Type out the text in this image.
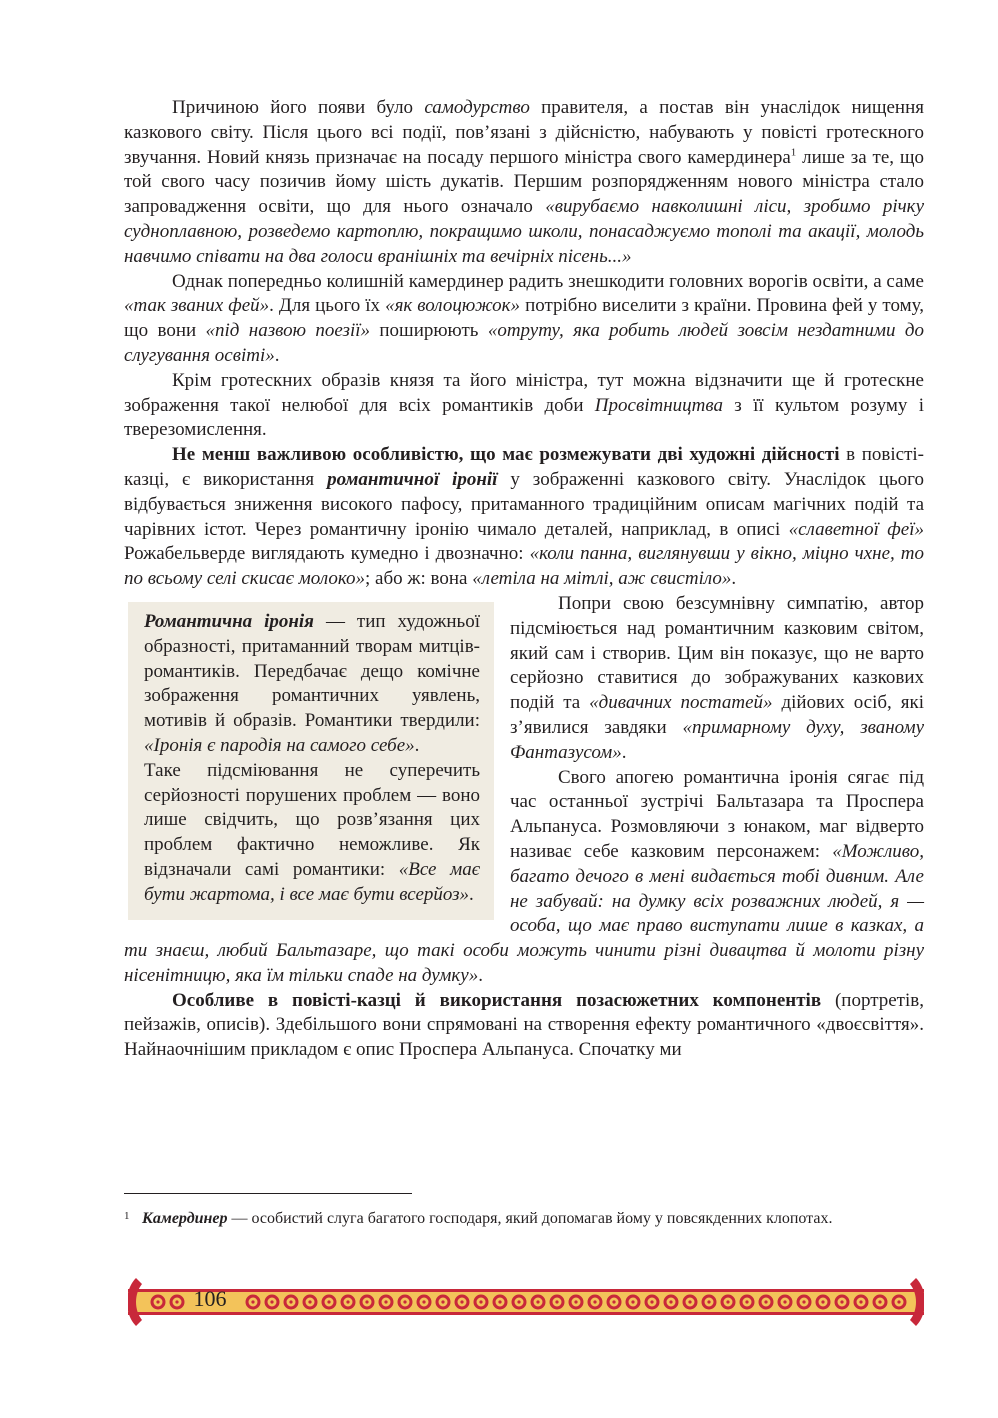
Причиною його появи було самодурство правителя, а постав він унаслідок нищення казкового світу. Після цього всі події, пов’язані з дійсністю, набувають у повісті гротескного звучання. Новий князь призначає на посаду першого міністра свого камердинера$^1$ лише за те, що той свого часу позичив йому шість дукатів. Першим розпорядженням нового міністра стало запровадження освіти, що для нього означало «вирубаємо навколишні ліси, зробимо річку судноплавною, розведемо картоплю, покращимо школи, понасаджуємо тополі та акації, молодь навчимо співати на два голоси вранішніх та вечірніх пісень...»

Однак попередньо колишній камердинер радить знешкодити головних ворогів освіти, а саме «так званих фей». Для цього їх «як волоцюжок» потрібно виселити з країни. Провина фей у тому, що вони «під назвою поезії» поширюють «отруту, яка робить людей зовсім нездатними до слугування освіті».

Крім гротескних образів князя та його міністра, тут можна відзначити ще й гротескне зображення такої нелюбої для всіх романтиків доби Просвітництва з її культом розуму і тверезомислення.

Не менш важливою особливістю, що має розмежувати дві художні дійсності в повісті-казці, є використання романтичної іронії у зображенні казкового світу. Унаслідок цього відбувається зниження високого пафосу, притаманного традиційним описам магічних подій та чарівних істот. Через романтичну іронію чимало деталей, наприклад, в описі «славетної феї» Рожабельверде виглядають кумедно і двозначно: «коли панна, виглянувши у вікно, міцно чхне, то по всьому селі скисає молоко»; або ж: вона «летіла на мітлі, аж свистіло».

Романтична іронія — тип художньої образності, притаманний творам митців-романтиків. Передбачає дещо комічне зображення романтичних уявлень, мотивів й образів. Романтики твердили: «Іронія є пародія на самого себе».

Таке підсміювання не суперечить серйозності порушених проблем — воно лише свідчить, що розв’язання цих проблем фактично неможливе. Як відзначали самі романтики: «Все має бути жартома, і все має бути всерйоз».

Попри свою безсумнівну симпатію, автор підсміюється над романтичним казковим світом, який сам і створив. Цим він показує, що не варто серйозно ставитися до зображуваних казкових подій та «дивачних постатей» дійових осіб, які з’явилися завдяки «примарному духу, званому Фантазусом».

Свого апогею романтична іронія сягає під час останньої зустрічі Бальтазара та Проспера Альпануса. Розмовляючи з юнаком, маг відверто називає себе казковим персонажем: «Можливо, багато дечого в мені видається тобі дивним. Але не забувай: на думку всіх розважних людей, я — особа, що має право виступати лише в казках, а ти знаєш, любий Бальтазаре, що такі особи можуть чинити різні дивацтва й молоти різну нісенітницю, яка їм тільки спаде на думку».

Особливе в повісті-казці й використання позасюжетних компонентів (портретів, пейзажів, описів). Здебільшого вони спрямовані на створення ефекту романтичного «двоєсвіття». Найнаочнішим прикладом є опис Проспера Альпануса. Спочатку ми

1 Камердинер — особистий слуга багатого господаря, який допомагав йому у повсякденних клопотах.
106
